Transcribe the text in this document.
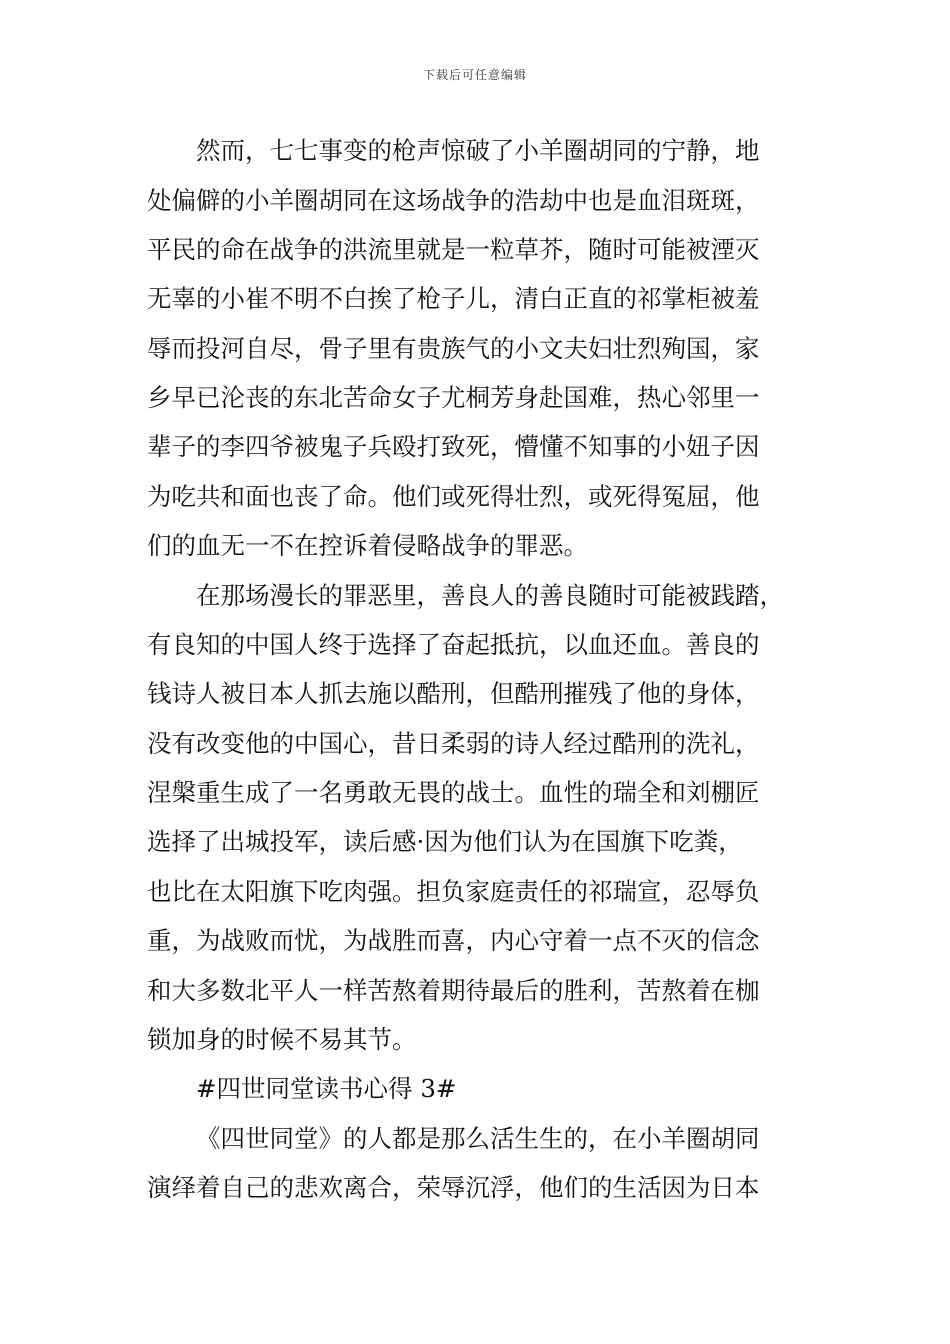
下载后可任意编辑
然而，七七事变的枪声惊破了小羊圈胡同的宁静，地
处偏僻的小羊圈胡同在这场战争的浩劫中也是血泪斑斑，
平民的命在战争的洪流里就是一粒草芥，随时可能被湮灭
无辜的小崔不明不白挨了枪子儿，清白正直的祁掌柜被羞
辱而投河自尽，骨子里有贵族气的小文夫妇壮烈殉国，家
乡早已沦丧的东北苦命女子尤桐芳身赴国难，热心邻里一
辈子的李四爷被鬼子兵殴打致死，懵懂不知事的小妞子因
为吃共和面也丧了命。他们或死得壮烈，或死得冤屈，他
们的血无一不在控诉着侵略战争的罪恶。
在那场漫长的罪恶里，善良人的善良随时可能被践踏，
有良知的中国人终于选择了奋起抵抗，以血还血。善良的
钱诗人被日本人抓去施以酷刑，但酷刑摧残了他的身体，
没有改变他的中国心，昔日柔弱的诗人经过酷刑的洗礼，
涅槃重生成了一名勇敢无畏的战士。血性的瑞全和刘棚匠
选择了出城投军，读后感·因为他们认为在国旗下吃粪，
也比在太阳旗下吃肉强。担负家庭责任的祁瑞宣，忍辱负
重，为战败而忧，为战胜而喜，内心守着一点不灭的信念
和大多数北平人一样苦熬着期待最后的胜利，苦熬着在枷
锁加身的时候不易其节。
#四世同堂读书心得 3#
《四世同堂》的人都是那么活生生的，在小羊圈胡同
演绎着自己的悲欢离合，荣辱沉浮，他们的生活因为日本
